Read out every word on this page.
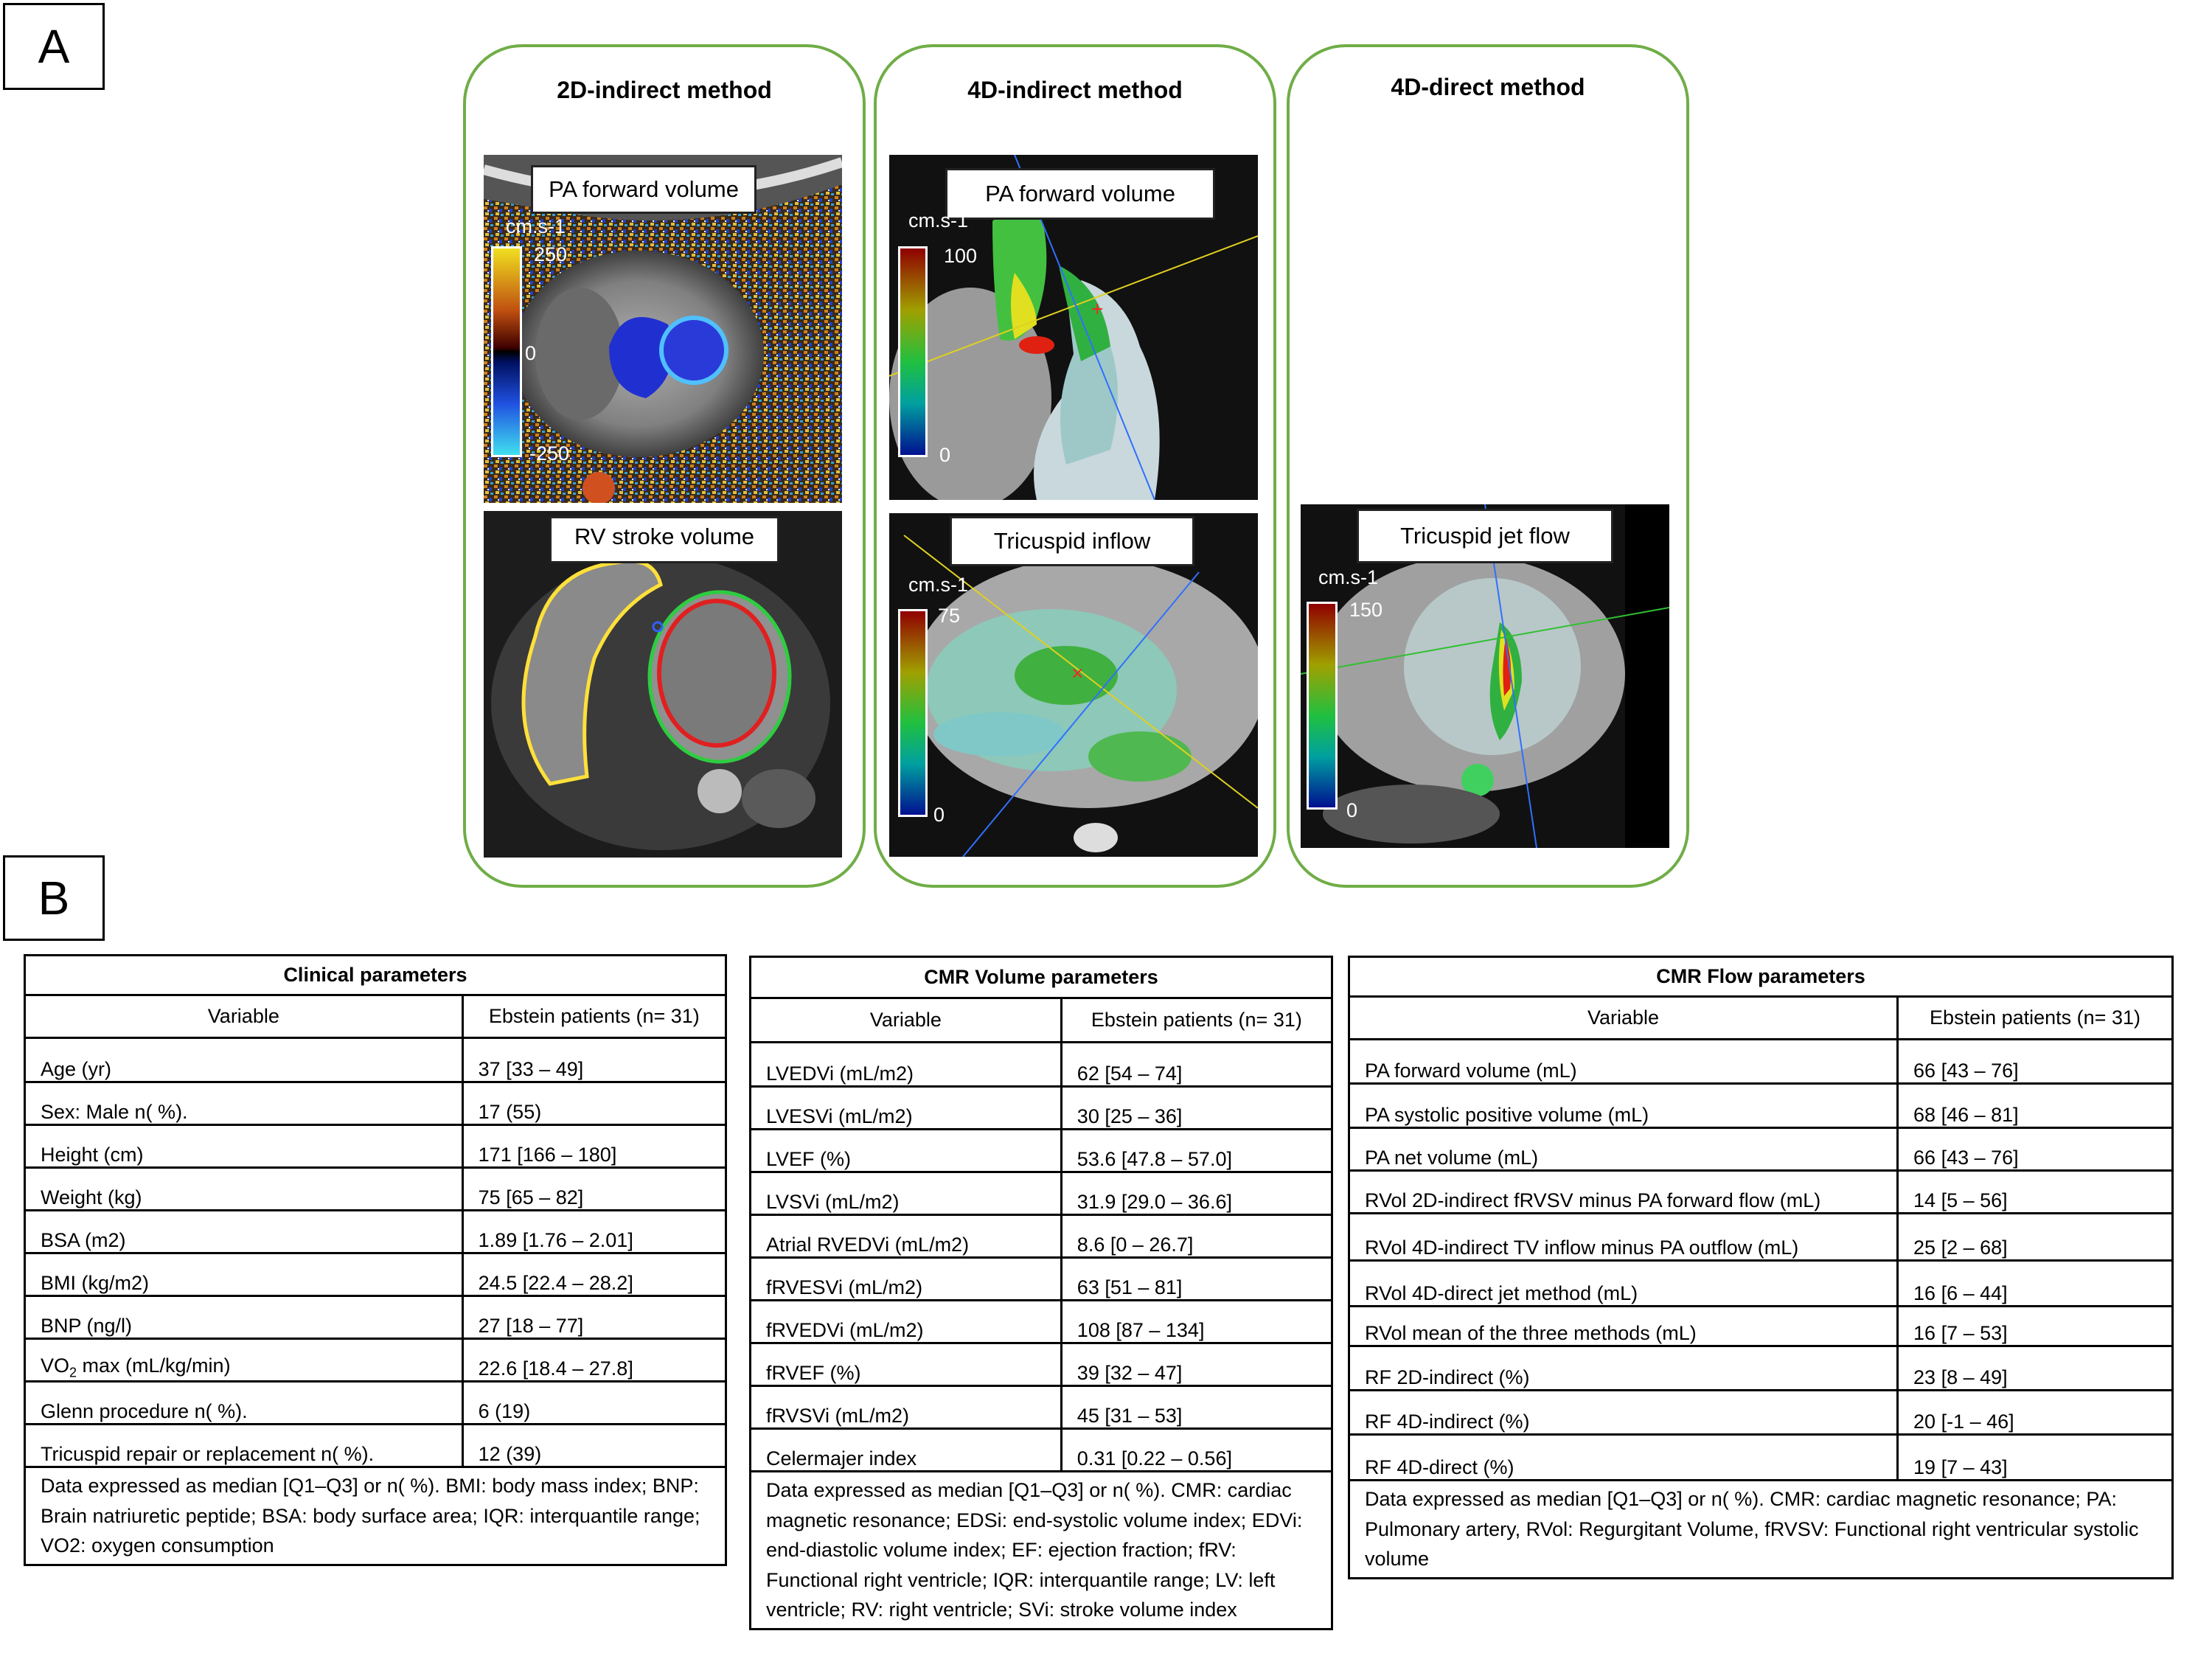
A
2D-indirect method	4D-indirect method	4D-direct method
PA forward volume
cm.s-1
250
0
-250
RV stroke volume
+
PA forward volume
cm.s-1
100
0
×
Tricuspid inflow
cm.s-1
75
0
Tricuspid jet flow
cm.s-1
150
0
B
Clinical parameters	
Variable	Ebstein patients (n= 31)
Age (yr)	37 [33 – 49]
Sex: Male n( %).	17 (55)
Height (cm)	171 [166 – 180]
Weight (kg)	75 [65 – 82]
BSA (m2)	1.89 [1.76 – 2.01]
BMI (kg/m2)	24.5 [22.4 – 28.2]
BNP (ng/l)	27 [18 – 77]
$VO_2$ max (mL/kg/min)	22.6 [18.4 – 27.8]
Glenn procedure n( %).	6 (19)
Tricuspid repair or replacement n( %).	12 (39)
Data expressed as median [Q1–Q3] or n( %). BMI: body mass index; BNP: Brain natriuretic peptide; BSA: body surface area; IQR: interquantile range; VO2: oxygen consumption	
CMR Volume parameters	
Variable	Ebstein patients (n= 31)
LVEDVi (mL/m2)	62 [54 – 74]
LVESVi (mL/m2)	30 [25 – 36]
LVEF (%)	53.6 [47.8 – 57.0]
LVSVi (mL/m2)	31.9 [29.0 – 36.6]
Atrial RVEDVi (mL/m2)	8.6 [0 – 26.7]
fRVESVi (mL/m2)	63 [51 – 81]
fRVEDVi (mL/m2)	108 [87 – 134]
fRVEF (%)	39 [32 – 47]
fRVSVi (mL/m2)	45 [31 – 53]
Celermajer index	0.31 [0.22 – 0.56]
Data expressed as median [Q1–Q3] or n( %). CMR: cardiac magnetic resonance; EDSi: end-systolic volume index; EDVi: end-diastolic volume index; EF: ejection fraction; fRV: Functional right ventricle; IQR: interquantile range; LV: left ventricle; RV: right ventricle; SVi: stroke volume index	
CMR Flow parameters	
Variable	Ebstein patients (n= 31)
PA forward volume (mL)	66 [43 – 76]
PA systolic positive volume (mL)	68 [46 – 81]
PA net volume (mL)	66 [43 – 76]
RVol 2D-indirect fRVSV minus PA forward flow (mL)	14 [5 – 56]
RVol 4D-indirect TV inflow minus PA outflow (mL)	25 [2 – 68]
RVol 4D-direct jet method (mL)	16 [6 – 44]
RVol mean of the three methods (mL)	16 [7 – 53]
RF 2D-indirect (%)	23 [8 – 49]
RF 4D-indirect (%)	20 [-1 – 46]
RF 4D-direct (%)	19 [7 – 43]
Data expressed as median [Q1–Q3] or n( %). CMR: cardiac magnetic resonance; PA: Pulmonary artery, RVol: Regurgitant Volume, fRVSV: Functional right ventricular systolic volume	
